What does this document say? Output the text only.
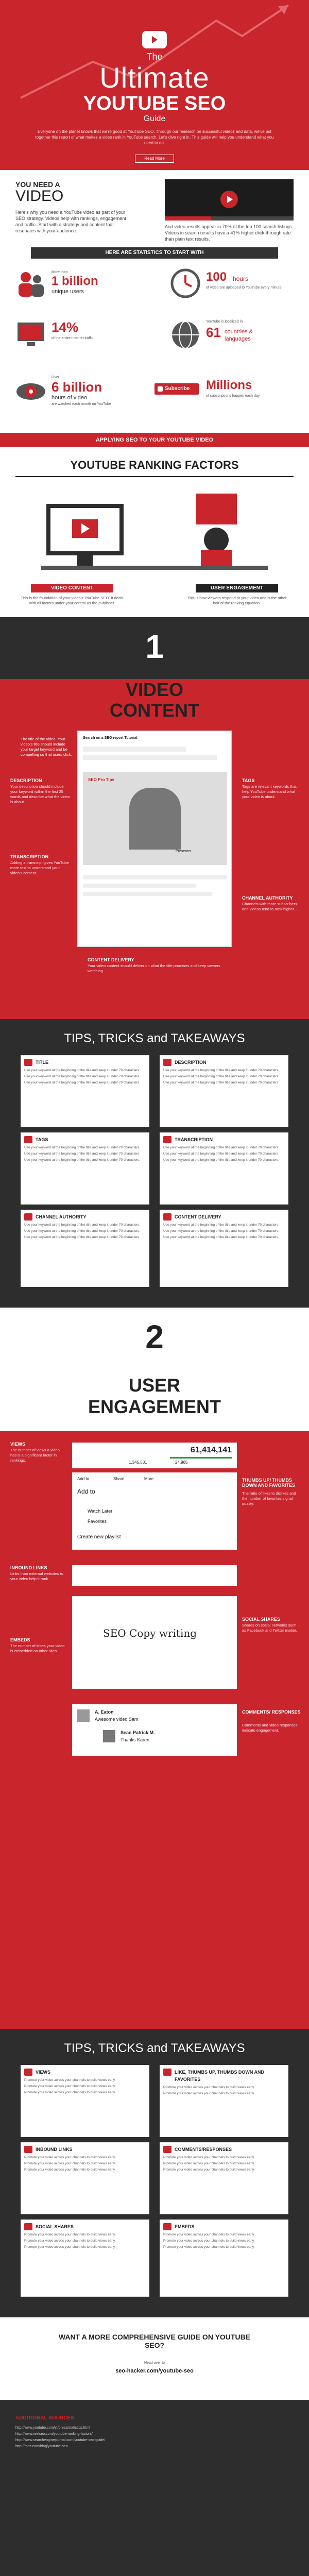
The
Ultimate
YOUTUBE SEO
Guide
Everyone on the planet knows that we're good at YouTube SEO. Through our research on successful videos and data, we've put together this report of what makes a video rank in YouTube search. Let's dive right in. This guide will help you understand what you need to do.
Read More
YOU NEED A
VIDEO
Here's why you need a YouTube video as part of your SEO strategy. Videos help with rankings, engagement and traffic. Start with a strategy and content that resonates with your audience.
And video results appear in 70% of the top 100 search listings. Videos in search results have a 41% higher click-through rate than plain text results.
HERE ARE STATISTICS TO START WITH
More than
1 billion
unique users
100 hours
of video are uploaded to YouTube every minute
14%
of the entire internet traffic
YouTube is localized in
61 countries &
languages
Over
6 billion
hours of video
are watched each month on YouTube
Subscribe	Millions
of subscriptions happen each day
APPLYING SEO TO YOUR YOUTUBE VIDEO
YOUTUBE RANKING FACTORS
VIDEO CONTENT	USER ENGAGEMENT
This is the foundation of your video's YouTube SEO. It deals with all factors under your control as the publisher.
This is how viewers respond to your video and is the other half of the ranking equation.
1
VIDEO
CONTENT
Search on a SEO report Tutorial
SEO Pro Tips
Presenter
TITLE
The title of the video. Your video's title should include your target keyword and be compelling so that users click.
DESCRIPTION
Your description should include your keyword within the first 25 words and describe what the video is about.
TAGS
Tags are relevant keywords that help YouTube understand what your video is about.
TRANSCRIPTION
Adding a transcript gives YouTube more text to understand your video's content.
CHANNEL AUTHORITY
Channels with more subscribers and videos tend to rank higher.
CONTENT DELIVERY
Your video content should deliver on what the title promises and keep viewers watching.
TIPS, TRICKS and TAKEAWAYS
TITLE
Use your keyword at the beginning of the title and keep it under 70 characters.
Use your keyword at the beginning of the title and keep it under 70 characters.
Use your keyword at the beginning of the title and keep it under 70 characters.
DESCRIPTION
Use your keyword at the beginning of the title and keep it under 70 characters.
Use your keyword at the beginning of the title and keep it under 70 characters.
Use your keyword at the beginning of the title and keep it under 70 characters.
TAGS
Use your keyword at the beginning of the title and keep it under 70 characters.
Use your keyword at the beginning of the title and keep it under 70 characters.
Use your keyword at the beginning of the title and keep it under 70 characters.
TRANSCRIPTION
Use your keyword at the beginning of the title and keep it under 70 characters.
Use your keyword at the beginning of the title and keep it under 70 characters.
Use your keyword at the beginning of the title and keep it under 70 characters.
CHANNEL AUTHORITY
Use your keyword at the beginning of the title and keep it under 70 characters.
Use your keyword at the beginning of the title and keep it under 70 characters.
Use your keyword at the beginning of the title and keep it under 70 characters.
CONTENT DELIVERY
Use your keyword at the beginning of the title and keep it under 70 characters.
Use your keyword at the beginning of the title and keep it under 70 characters.
Use your keyword at the beginning of the title and keep it under 70 characters.
2
USER
ENGAGEMENT
VIEWS
The number of views a video has is a significant factor in rankings.
61,414,141
1,345,531	24,985
THUMBS UP/ THUMBS DOWN AND FAVORITES
The ratio of likes to dislikes and the number of favorites signal quality.
Add to	Share	More
Add to
Watch Later
Favorites
Create new playlist
INBOUND LINKS
Links from external websites to your video help it rank.
SOCIAL SHARES
Shares on social networks such as Facebook and Twitter matter.
EMBEDS
The number of times your video is embedded on other sites.
SEO Copy writing
COMMENTS/ RESPONSES
Comments and video responses indicate engagement.
A. Eaton
Awesome video Sam
Sean Patrick M.
Thanks Karen
TIPS, TRICKS and TAKEAWAYS
VIEWS
Promote your video across your channels to build views early.
Promote your video across your channels to build views early.
Promote your video across your channels to build views early.
LIKE, THUMBS UP, THUMBS DOWN AND FAVORITES
Promote your video across your channels to build views early.
Promote your video across your channels to build views early.
INBOUND LINKS
Promote your video across your channels to build views early.
Promote your video across your channels to build views early.
Promote your video across your channels to build views early.
COMMENTS/RESPONSES
Promote your video across your channels to build views early.
Promote your video across your channels to build views early.
Promote your video across your channels to build views early.
SOCIAL SHARES
Promote your video across your channels to build views early.
Promote your video across your channels to build views early.
Promote your video across your channels to build views early.
EMBEDS
Promote your video across your channels to build views early.
Promote your video across your channels to build views early.
Promote your video across your channels to build views early.
WANT A MORE COMPREHENSIVE GUIDE ON YOUTUBE SEO?
Head over to
seo-hacker.com/youtube-seo
ADDITIONAL SOURCES
http://www.youtube.com/yt/press/statistics.html
http://www.reelseo.com/youtube-ranking-factors/
http://www.searchenginejournal.com/youtube-seo-guide/
http://moz.com/blog/youtube-seo
